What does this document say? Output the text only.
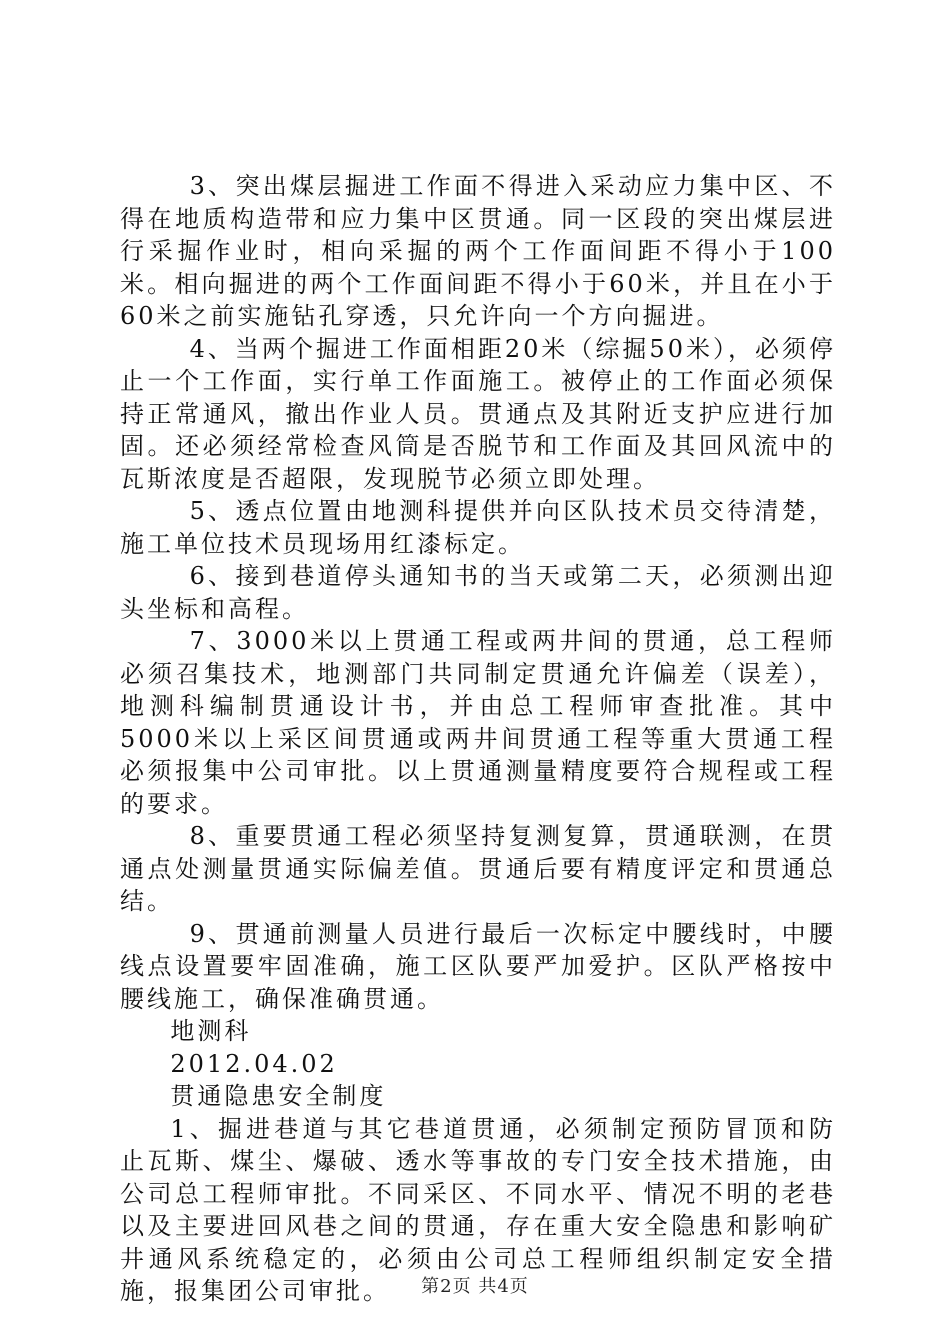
3、突出煤层掘进工作面不得进入采动应力集中区、不得在地质构造带和应力集中区贯通。同一区段的突出煤层进行采掘作业时，相向采掘的两个工作面间距不得小于100米。相向掘进的两个工作面间距不得小于60米，并且在小于60米之前实施钻孔穿透，只允许向一个方向掘进。

4、当两个掘进工作面相距20米（综掘50米），必须停止一个工作面，实行单工作面施工。被停止的工作面必须保持正常通风，撤出作业人员。贯通点及其附近支护应进行加固。还必须经常检查风筒是否脱节和工作面及其回风流中的瓦斯浓度是否超限，发现脱节必须立即处理。

5、透点位置由地测科提供并向区队技术员交待清楚，施工单位技术员现场用红漆标定。

6、接到巷道停头通知书的当天或第二天，必须测出迎头坐标和高程。

7、3000米以上贯通工程或两井间的贯通，总工程师必须召集技术，地测部门共同制定贯通允许偏差（误差），地测科编制贯通设计书，并由总工程师审查批准。其中5000米以上采区间贯通或两井间贯通工程等重大贯通工程必须报集中公司审批。以上贯通测量精度要符合规程或工程的要求。

8、重要贯通工程必须坚持复测复算，贯通联测，在贯通点处测量贯通实际偏差值。贯通后要有精度评定和贯通总结。

9、贯通前测量人员进行最后一次标定中腰线时，中腰线点设置要牢固准确，施工区队要严加爱护。区队严格按中腰线施工，确保准确贯通。

地测科

2012.04.02

贯通隐患安全制度

1、掘进巷道与其它巷道贯通，必须制定预防冒顶和防止瓦斯、煤尘、爆破、透水等事故的专门安全技术措施，由公司总工程师审批。不同采区、不同水平、情况不明的老巷以及主要进回风巷之间的贯通，存在重大安全隐患和影响矿井通风系统稳定的，必须由公司总工程师组织制定安全措施，报集团公司审批。	第2页 共4页
